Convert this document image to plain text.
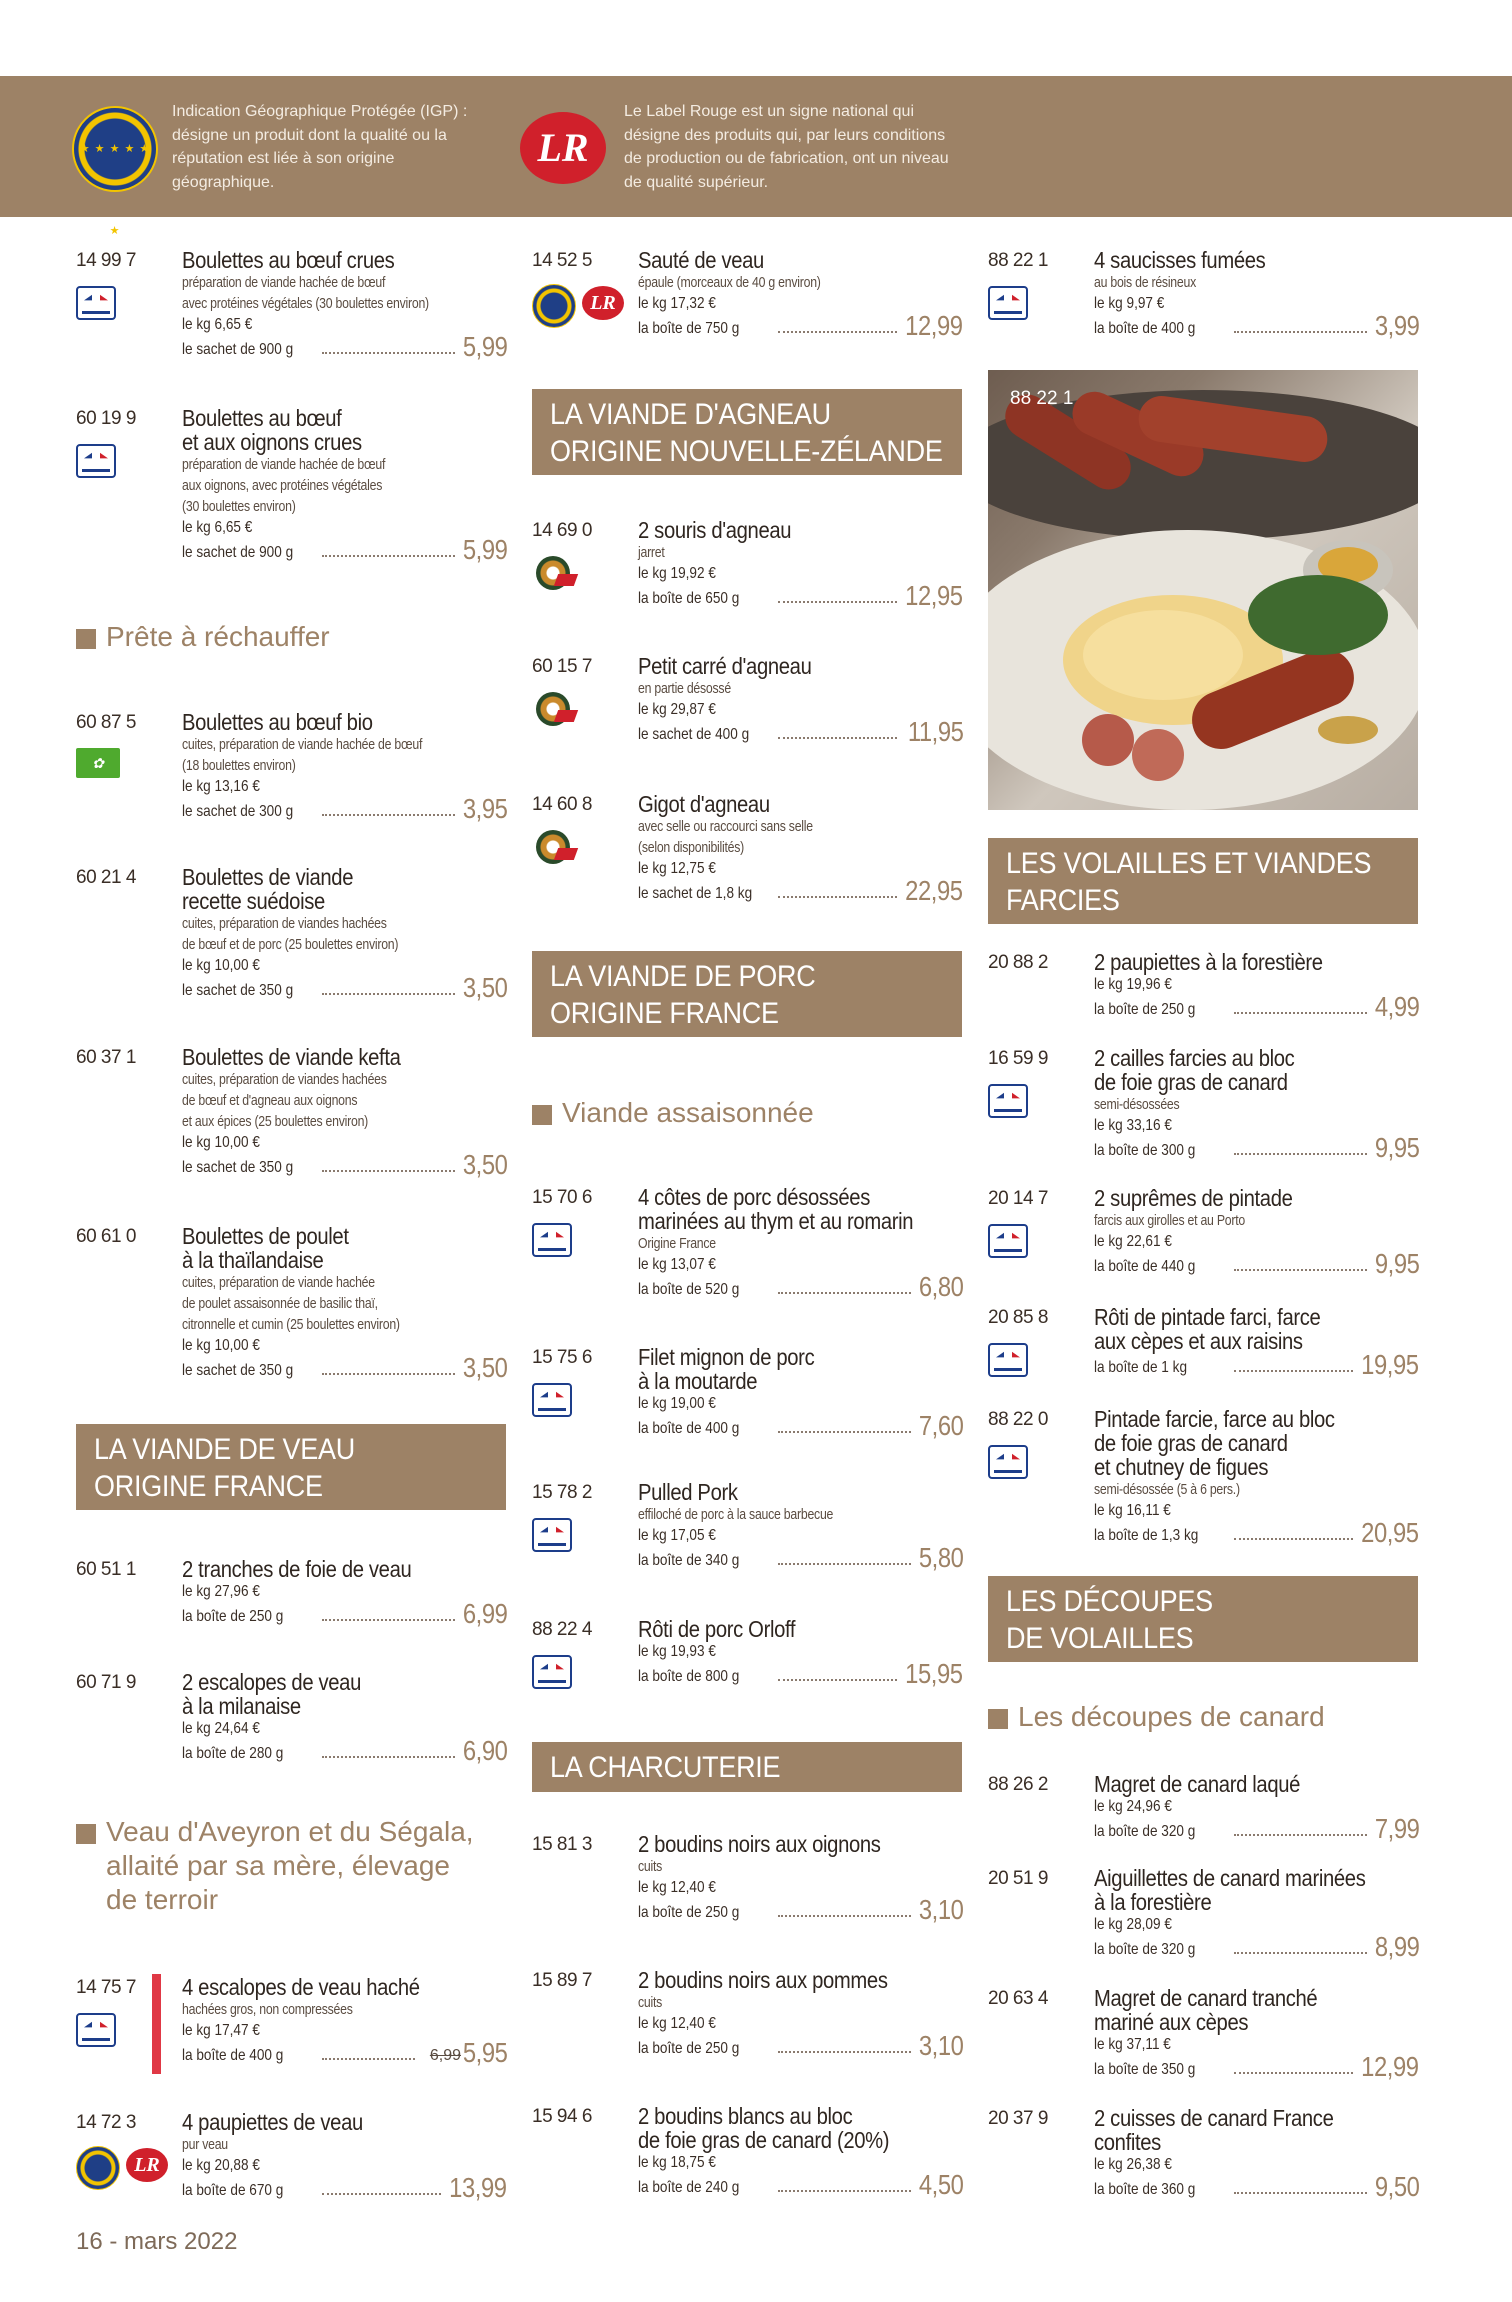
★ ★ ★ ★ ★ ★
Indication Géographique Protégée (IGP) : désigne un produit dont la qualité ou la réputation est liée à son origine géographique.
LR
Le Label Rouge est un signe national qui désigne des produits qui, par leurs conditions de production ou de fabrication, ont un niveau de qualité supérieur.
14 99 7 Boulettes au bœuf crues
préparation de viande hachée de bœuf
avec protéines végétales (30 boulettes environ)
le kg 6,65 €
le sachet de 900 g	5,99
60 19 9 Boulettes au bœuf
et aux oignons crues
préparation de viande hachée de bœuf
aux oignons, avec protéines végétales
(30 boulettes environ)
le kg 6,65 €
le sachet de 900 g	5,99
60 87 5
✿
Boulettes au bœuf bio
cuites, préparation de viande hachée de bœuf
(18 boulettes environ)
le kg 13,16 €
le sachet de 300 g	3,95
60 21 4 Boulettes de viande
recette suédoise
cuites, préparation de viandes hachées
de bœuf et de porc (25 boulettes environ)
le kg 10,00 €
le sachet de 350 g	3,50
60 37 1 Boulettes de viande kefta
cuites, préparation de viandes hachées
de bœuf et d'agneau aux oignons
et aux épices (25 boulettes environ)
le kg 10,00 €
le sachet de 350 g	3,50
60 61 0 Boulettes de poulet
à la thaïlandaise
cuites, préparation de viande hachée
de poulet assaisonnée de basilic thaï,
citronnelle et cumin (25 boulettes environ)
le kg 10,00 €
le sachet de 350 g	3,50
60 51 1 2 tranches de foie de veau
le kg 27,96 €
la boîte de 250 g	6,99
60 71 9 2 escalopes de veau
à la milanaise
le kg 24,64 €
la boîte de 280 g	6,90
14 75 7 4 escalopes de veau haché
hachées gros, non compressées
le kg 17,47 €
la boîte de 400 g	6,99 5,95
14 72 3
LR
4 paupiettes de veau
pur veau
le kg 20,88 €
la boîte de 670 g	13,99
14 52 5
LR
Sauté de veau
épaule (morceaux de 40 g environ)
le kg 17,32 €
la boîte de 750 g	12,99
14 69 0 2 souris d'agneau
jarret
le kg 19,92 €
la boîte de 650 g	12,95
60 15 7 Petit carré d'agneau
en partie désossé
le kg 29,87 €
le sachet de 400 g	11,95
14 60 8 Gigot d'agneau
avec selle ou raccourci sans selle
(selon disponibilités)
le kg 12,75 €
le sachet de 1,8 kg	22,95
15 70 6 4 côtes de porc désossées
marinées au thym et au romarin
Origine France
le kg 13,07 €
la boîte de 520 g	6,80
15 75 6 Filet mignon de porc
à la moutarde
le kg 19,00 €
la boîte de 400 g	7,60
15 78 2 Pulled Pork
effiloché de porc à la sauce barbecue
le kg 17,05 €
la boîte de 340 g	5,80
88 22 4 Rôti de porc Orloff
le kg 19,93 €
la boîte de 800 g	15,95
15 81 3 2 boudins noirs aux oignons
cuits
le kg 12,40 €
la boîte de 250 g	3,10
15 89 7 2 boudins noirs aux pommes
cuits
le kg 12,40 €
la boîte de 250 g	3,10
15 94 6 2 boudins blancs au bloc
de foie gras de canard (20%)
le kg 18,75 €
la boîte de 240 g	4,50
88 22 1 4 saucisses fumées
au bois de résineux
le kg 9,97 €
la boîte de 400 g	3,99
20 88 2 2 paupiettes à la forestière
le kg 19,96 €
la boîte de 250 g	4,99
16 59 9 2 cailles farcies au bloc
de foie gras de canard
semi-désossées
le kg 33,16 €
la boîte de 300 g	9,95
20 14 7 2 suprêmes de pintade
farcis aux girolles et au Porto
le kg 22,61 €
la boîte de 440 g	9,95
20 85 8 Rôti de pintade farci, farce
aux cèpes et aux raisins
la boîte de 1 kg	19,95
88 22 0 Pintade farcie, farce au bloc
de foie gras de canard
et chutney de figues
semi-désossée (5 à 6 pers.)
le kg 16,11 €
la boîte de 1,3 kg	20,95
88 26 2 Magret de canard laqué
le kg 24,96 €
la boîte de 320 g	7,99
20 51 9 Aiguillettes de canard marinées
à la forestière
le kg 28,09 €
la boîte de 320 g	8,99
20 63 4 Magret de canard tranché
mariné aux cèpes
le kg 37,11 €
la boîte de 350 g	12,99
20 37 9 2 cuisses de canard France
confites
le kg 26,38 €
la boîte de 360 g	9,50
Prête à réchauffer
LA VIANDE DE VEAU
ORIGINE FRANCE
Veau d'Aveyron et du Ségala,
allaité par sa mère, élevage
de terroir
LA VIANDE D'AGNEAU
ORIGINE NOUVELLE-ZÉLANDE
LA VIANDE DE PORC
ORIGINE FRANCE
Viande assaisonnée
LA CHARCUTERIE
88 22 1
LES VOLAILLES ET VIANDES
FARCIES
LES DÉCOUPES
DE VOLAILLES
Les découpes de canard
16 - mars 2022
